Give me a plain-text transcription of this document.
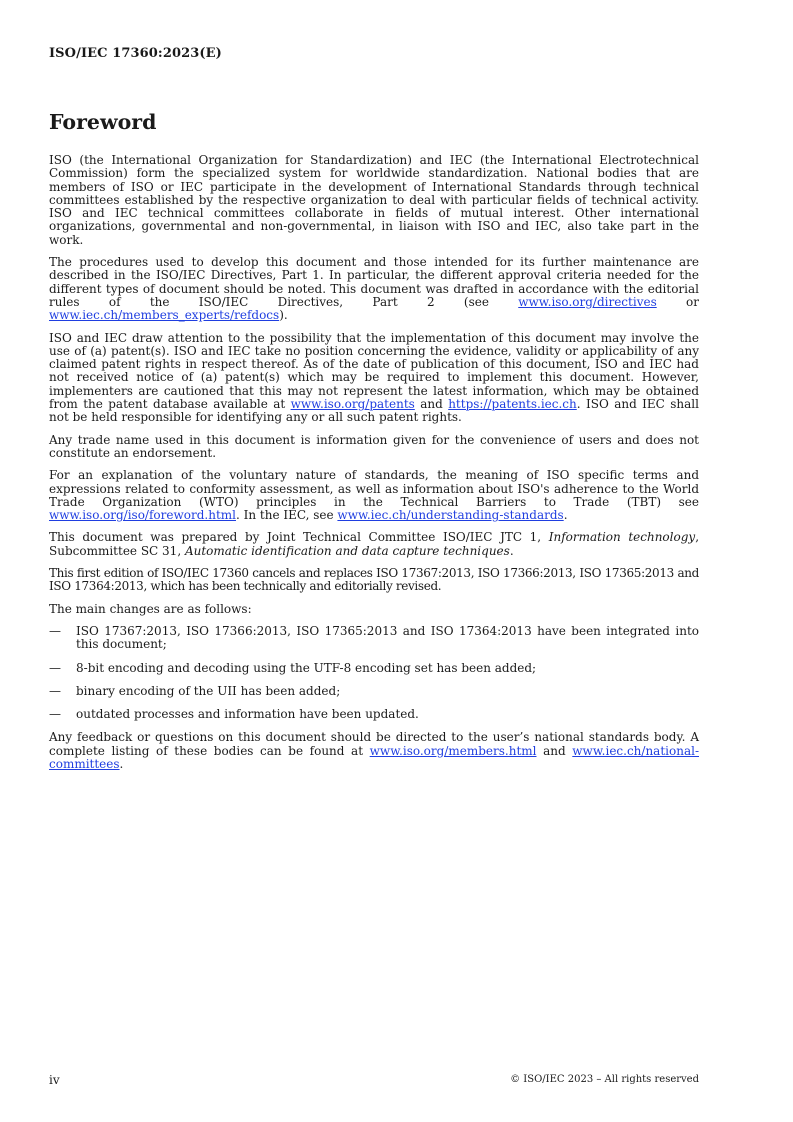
ISO/IEC 17360:2023(E)
Foreword

ISO (the International Organization for Standardization) and IEC (the International Electrotechnical Commission) form the specialized system for worldwide standardization. National bodies that are members of ISO or IEC participate in the development of International Standards through technical committees established by the respective organization to deal with particular fields of technical activity. ISO and IEC technical committees collaborate in fields of mutual interest. Other international organizations, governmental and non-governmental, in liaison with ISO and IEC, also take part in the work.

The procedures used to develop this document and those intended for its further maintenance are described in the ISO/IEC Directives, Part 1. In particular, the different approval criteria needed for the different types of document should be noted. This document was drafted in accordance with the editorial rules of the ISO/IEC Directives, Part 2 (see www.iso.org/directives or www.iec.ch/members_experts/refdocs).

ISO and IEC draw attention to the possibility that the implementation of this document may involve the use of (a) patent(s). ISO and IEC take no position concerning the evidence, validity or applicability of any claimed patent rights in respect thereof. As of the date of publication of this document, ISO and IEC had not received notice of (a) patent(s) which may be required to implement this document. However, implementers are cautioned that this may not represent the latest information, which may be obtained from the patent database available at www.iso.org/patents and https://patents.iec.ch. ISO and IEC shall not be held responsible for identifying any or all such patent rights.

Any trade name used in this document is information given for the convenience of users and does not constitute an endorsement.

For an explanation of the voluntary nature of standards, the meaning of ISO specific terms and expressions related to conformity assessment, as well as information about ISO's adherence to the World Trade Organization (WTO) principles in the Technical Barriers to Trade (TBT) see www.iso.org/iso/foreword.html. In the IEC, see www.iec.ch/understanding-standards.

This document was prepared by Joint Technical Committee ISO/IEC JTC 1, Information technology, Subcommittee SC 31, Automatic identification and data capture techniques.

This first edition of ISO/IEC 17360 cancels and replaces ISO 17367:2013, ISO 17366:2013, ISO 17365:2013 and ISO 17364:2013, which has been technically and editorially revised.

The main changes are as follows:

— ISO 17367:2013, ISO 17366:2013, ISO 17365:2013 and ISO 17364:2013 have been integrated into this document;
— 8-bit encoding and decoding using the UTF-8 encoding set has been added;
— binary encoding of the UII has been added;
— outdated processes and information have been updated.

Any feedback or questions on this document should be directed to the user’s national standards body. A complete listing of these bodies can be found at www.iso.org/members.html and www.iec.ch/national-committees.

iv	© ISO/IEC 2023 – All rights reserved
